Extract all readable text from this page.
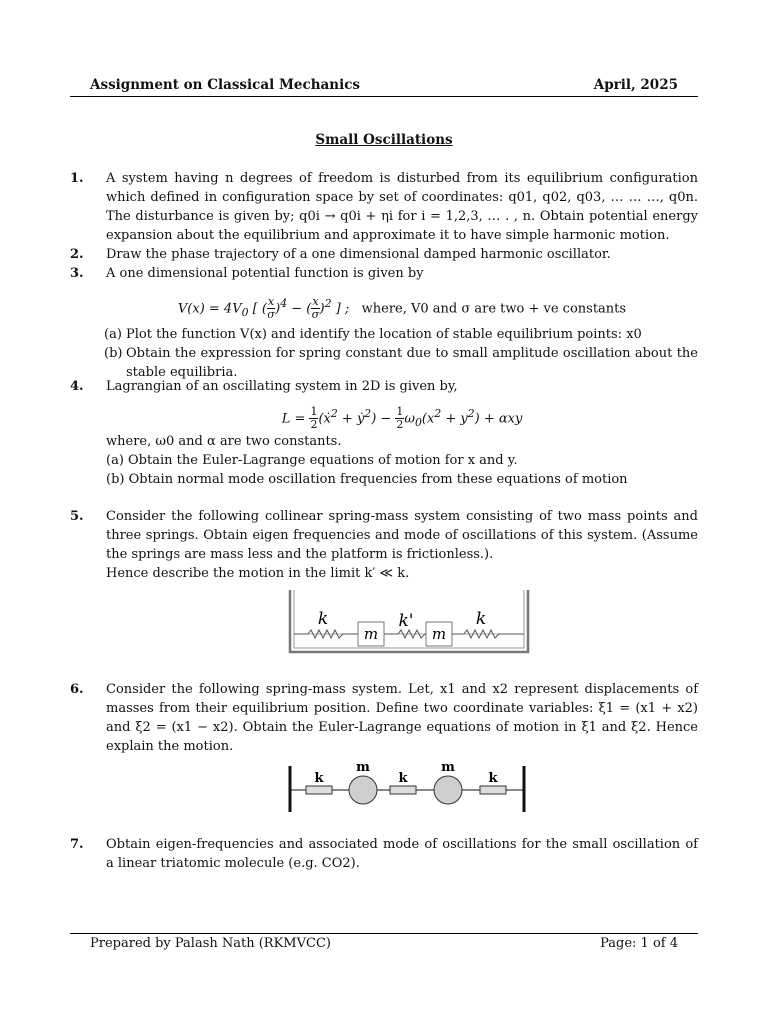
Assignment on Classical Mechanics	April, 2025
Small Oscillations
1. A system having n degrees of freedom is disturbed from its equilibrium configuration which defined in configuration space by set of coordinates: q01, q02, q03, … … …, q0n. The disturbance is given by; q0i → q0i + ηi for i = 1,2,3, … . , n. Obtain potential energy expansion about the equilibrium and approximate it to have simple harmonic motion.
2. Draw the phase trajectory of a one dimensional damped harmonic oscillator.
3. A one dimensional potential function is given by
$V(x) = 4V_0$ [ ( $\frac{x}{\sigma} )^4$ − ( $\frac{x}{\sigma} )^2$ ] ;   where, V0 and σ are two + ve constants
(a) Plot the function V(x) and identify the location of stable equilibrium points: x0
(b) Obtain the expression for spring constant due to small amplitude oscillation about the stable equilibria.
4. Lagrangian of an oscillating system in 2D is given by,
$L = \frac{1}{2}$ (ẋ$^2$ + ẏ$^2$) − $\frac{1}{2} \omega_0(x^2 + y^2) + \alpha xy$
where, ω0 and α are two constants.
(a) Obtain the Euler-Lagrange equations of motion for x and y.
(b) Obtain normal mode oscillation frequencies from these equations of motion
5. Consider the following collinear spring-mass system consisting of two mass points and three springs. Obtain eigen frequencies and mode of oscillations of this system. (Assume the springs are mass less and the platform is frictionless.).
Hence describe the motion in the limit k′ ≪ k.
m	m
k	k'	k
6. Consider the following spring-mass system. Let, x1 and x2 represent displacements of masses from their equilibrium position. Define two coordinate variables: ξ1 = (x1 + x2) and ξ2 = (x1 − x2). Obtain the Euler-Lagrange equations of motion in ξ1 and ξ2. Hence explain the motion.
k	k	k
m	m
7. Obtain eigen-frequencies and associated mode of oscillations for the small oscillation of a linear triatomic molecule (e.g. CO2).
Prepared by Palash Nath (RKMVCC)	Page: 1 of 4
